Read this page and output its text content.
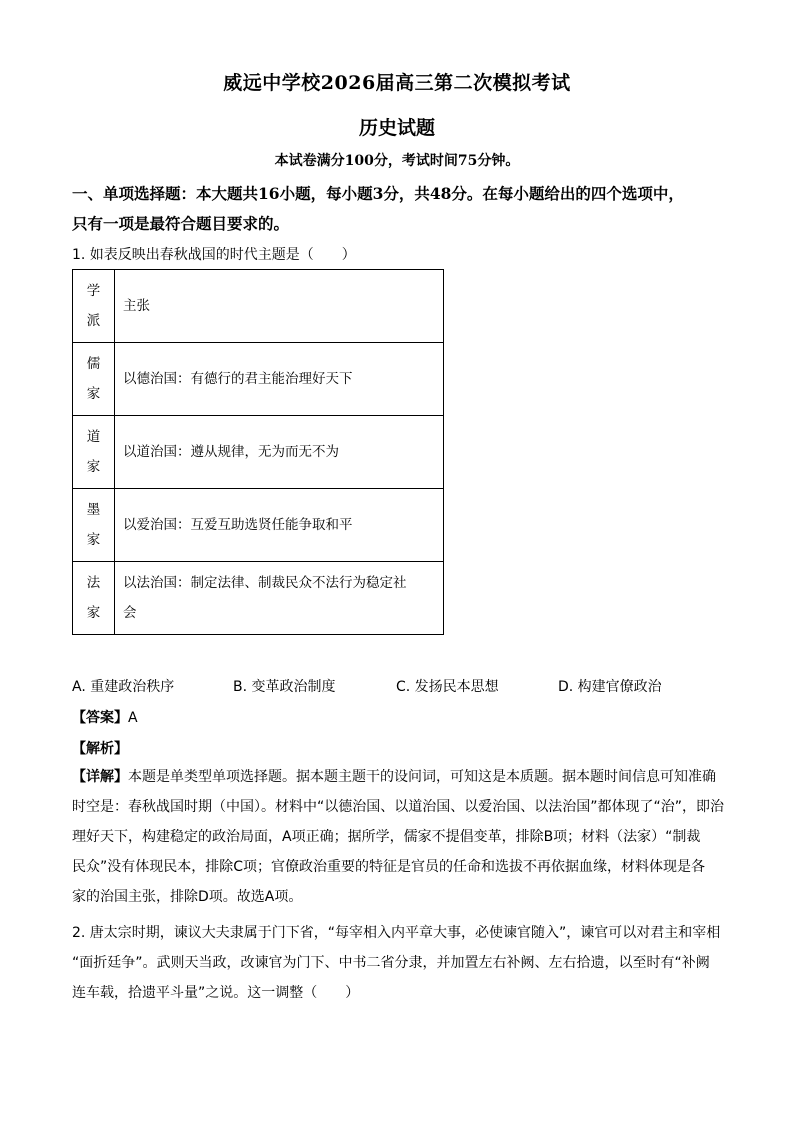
威远中学校2026届高三第二次模拟考试
历史试题
本试卷满分100分，考试时间75分钟。
一、单项选择题：本大题共16小题，每小题3分，共48分。在每小题给出的四个选项中，
只有一项是最符合题目要求的。
1. 如表反映出春秋战国的时代主题是（　　）
学
派	主张

儒
家	以德治国：有德行的君主能治理好天下

道
家	以道治国：遵从规律，无为而无不为

墨
家	以爱治国：互爱互助选贤任能争取和平

法
家	以法治国：制定法律、制裁民众不法行为稳定社
会
A. 重建政治秩序	B. 变革政治制度	C. 发扬民本思想	D. 构建官僚政治
【答案】A
【解析】
【详解】本题是单类型单项选择题。据本题主题干的设问词，可知这是本质题。据本题时间信息可知准确
时空是：春秋战国时期（中国）。材料中“以德治国、以道治国、以爱治国、以法治国”都体现了“治”，即治
理好天下，构建稳定的政治局面，A项正确；据所学，儒家不提倡变革，排除B项；材料（法家）“制裁
民众”没有体现民本，排除C项；官僚政治重要的特征是官员的任命和选拔不再依据血缘，材料体现是各
家的治国主张，排除D项。故选A项。
2. 唐太宗时期，谏议大夫隶属于门下省，“每宰相入内平章大事，必使谏官随入”，谏官可以对君主和宰相
“面折廷争”。武则天当政，改谏官为门下、中书二省分隶，并加置左右补阙、左右拾遗，以至时有“补阙
连车载，拾遗平斗量”之说。这一调整（　　）
